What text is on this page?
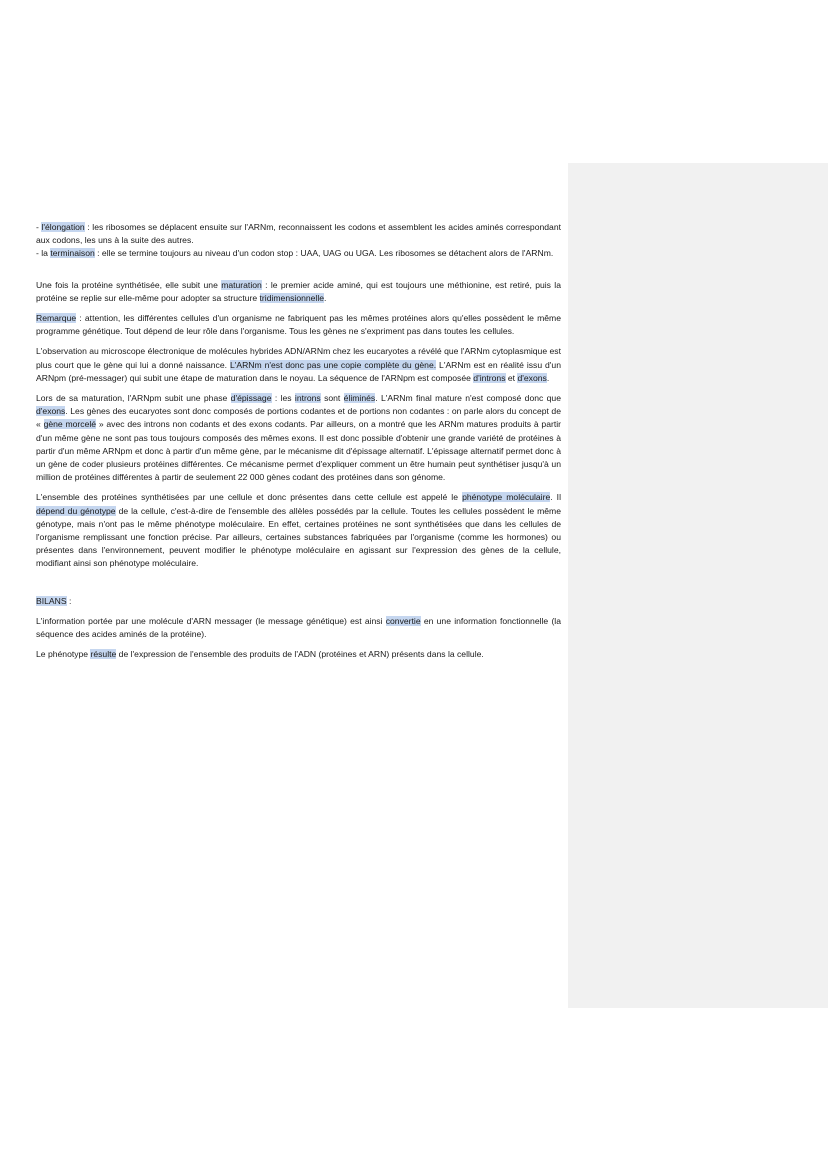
- l'élongation : les ribosomes se déplacent ensuite sur l'ARNm, reconnaissent les codons et assemblent les acides aminés correspondant aux codons, les uns à la suite des autres.

- la terminaison : elle se termine toujours au niveau d'un codon stop : UAA, UAG ou UGA. Les ribosomes se détachent alors de l'ARNm.

Une fois la protéine synthétisée, elle subit une maturation : le premier acide aminé, qui est toujours une méthionine, est retiré, puis la protéine se replie sur elle-même pour adopter sa structure tridimensionnelle.

Remarque : attention, les différentes cellules d'un organisme ne fabriquent pas les mêmes protéines alors qu'elles possèdent le même programme génétique. Tout dépend de leur rôle dans l'organisme. Tous les gènes ne s'expriment pas dans toutes les cellules.

L'observation au microscope électronique de molécules hybrides ADN/ARNm chez les eucaryotes a révélé que l'ARNm cytoplasmique est plus court que le gène qui lui a donné naissance. L'ARNm n'est donc pas une copie complète du gène. L'ARNm est en réalité issu d'un ARNpm (pré-messager) qui subit une étape de maturation dans le noyau. La séquence de l'ARNpm est composée d'introns et d'exons.

Lors de sa maturation, l'ARNpm subit une phase d'épissage : les introns sont éliminés. L'ARNm final mature n'est composé donc que d'exons. Les gènes des eucaryotes sont donc composés de portions codantes et de portions non codantes : on parle alors du concept de « gène morcelé » avec des introns non codants et des exons codants. Par ailleurs, on a montré que les ARNm matures produits à partir d'un même gène ne sont pas tous toujours composés des mêmes exons. Il est donc possible d'obtenir une grande variété de protéines à partir d'un même ARNpm et donc à partir d'un même gène, par le mécanisme dit d'épissage alternatif. L'épissage alternatif permet donc à un gène de coder plusieurs protéines différentes. Ce mécanisme permet d'expliquer comment un être humain peut synthétiser jusqu'à un million de protéines différentes à partir de seulement 22 000 gènes codant des protéines dans son génome.

L'ensemble des protéines synthétisées par une cellule et donc présentes dans cette cellule est appelé le phénotype moléculaire. Il dépend du génotype de la cellule, c'est-à-dire de l'ensemble des allèles possédés par la cellule. Toutes les cellules possèdent le même génotype, mais n'ont pas le même phénotype moléculaire. En effet, certaines protéines ne sont synthétisées que dans les cellules de l'organisme remplissant une fonction précise. Par ailleurs, certaines substances fabriquées par l'organisme (comme les hormones) ou présentes dans l'environnement, peuvent modifier le phénotype moléculaire en agissant sur l'expression des gènes de la cellule, modifiant ainsi son phénotype moléculaire.

BILANS :

L'information portée par une molécule d'ARN messager (le message génétique) est ainsi convertie en une information fonctionnelle (la séquence des acides aminés de la protéine).

Le phénotype résulte de l'expression de l'ensemble des produits de l'ADN (protéines et ARN) présents dans la cellule.
